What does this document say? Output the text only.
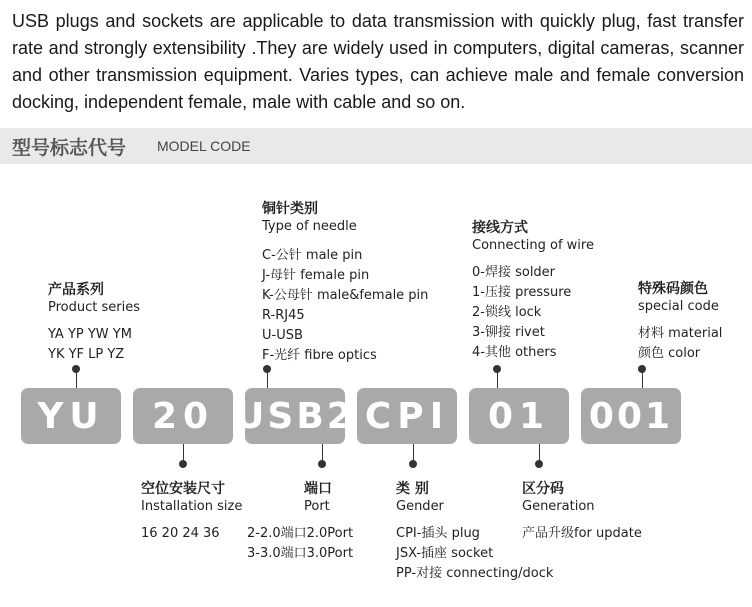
USB plugs and sockets are applicable to data transmission with quickly plug, fast transfer rate and strongly extensibility .They are widely used in computers, digital cameras, scanner and other transmission equipment. Varies types, can achieve male and female conversion docking, independent female, male with cable and so on.
型号标志代号 MODEL CODE
产品系列
Product series
YA YP YW YM
YK YF LP YZ
铜针类别
Type of needle
C-公针 male pin
J-母针 female pin
K-公母针 male&female pin
R-RJ45
U-USB
F-光纤 fibre optics
接线方式
Connecting of wire
0-焊接 solder
1-压接 pressure
2-锁线 lock
3-铆接 rivet
4-其他 others
特殊码颜色
special code
材料 material
颜色 color
YU	20 USB2 CPI	01	001
空位安装尺寸
Installation size
16 20 24 36
端口
Port
2-2.0端口2.0Port
3-3.0端口3.0Port
类 别
Gender
CPI-插头 plug
JSX-插座 socket
PP-对接 connecting/dock
区分码
Generation
产品升级for update
